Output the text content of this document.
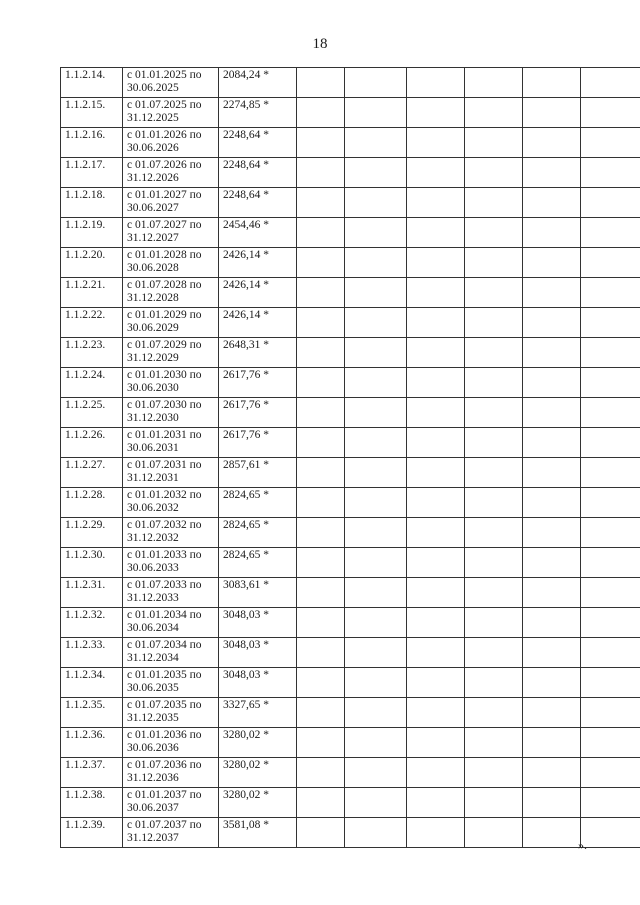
18
1.1.2.14.	с 01.01.2025 по 30.06.2025	2084,24 *						
1.1.2.15.	с 01.07.2025 по 31.12.2025	2274,85 *						
1.1.2.16.	с 01.01.2026 по 30.06.2026	2248,64 *						
1.1.2.17.	с 01.07.2026 по 31.12.2026	2248,64 *						
1.1.2.18.	с 01.01.2027 по 30.06.2027	2248,64 *						
1.1.2.19.	с 01.07.2027 по 31.12.2027	2454,46 *						
1.1.2.20.	с 01.01.2028 по 30.06.2028	2426,14 *						
1.1.2.21.	с 01.07.2028 по 31.12.2028	2426,14 *						
1.1.2.22.	с 01.01.2029 по 30.06.2029	2426,14 *						
1.1.2.23.	с 01.07.2029 по 31.12.2029	2648,31 *						
1.1.2.24.	с 01.01.2030 по 30.06.2030	2617,76 *						
1.1.2.25.	с 01.07.2030 по 31.12.2030	2617,76 *						
1.1.2.26.	с 01.01.2031 по 30.06.2031	2617,76 *						
1.1.2.27.	с 01.07.2031 по 31.12.2031	2857,61 *						
1.1.2.28.	с 01.01.2032 по 30.06.2032	2824,65 *						
1.1.2.29.	с 01.07.2032 по 31.12.2032	2824,65 *						
1.1.2.30.	с 01.01.2033 по 30.06.2033	2824,65 *						
1.1.2.31.	с 01.07.2033 по 31.12.2033	3083,61 *						
1.1.2.32.	с 01.01.2034 по 30.06.2034	3048,03 *						
1.1.2.33.	с 01.07.2034 по 31.12.2034	3048,03 *						
1.1.2.34.	с 01.01.2035 по 30.06.2035	3048,03 *						
1.1.2.35.	с 01.07.2035 по 31.12.2035	3327,65 *						
1.1.2.36.	с 01.01.2036 по 30.06.2036	3280,02 *						
1.1.2.37.	с 01.07.2036 по 31.12.2036	3280,02 *						
1.1.2.38.	с 01.01.2037 по 30.06.2037	3280,02 *						
1.1.2.39.	с 01.07.2037 по 31.12.2037	3581,08 *						
».
